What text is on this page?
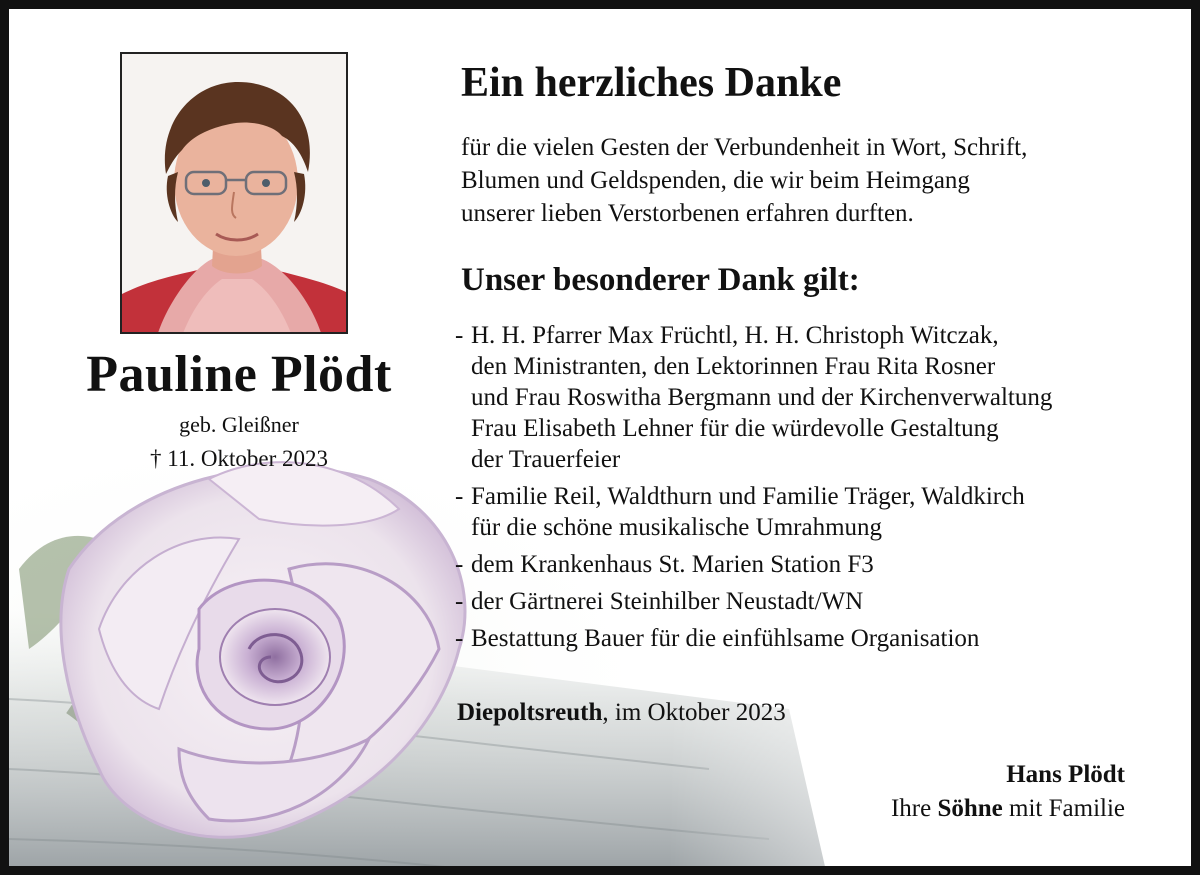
Pauline Plödt
geb. Gleißner
† 11. Oktober 2023
Ein herzliches Danke
für die vielen Gesten der Verbundenheit in Wort, Schrift,
Blumen und Geldspenden, die wir beim Heimgang
unserer lieben Verstorbenen erfahren durften.
Unser besonderer Dank gilt:
- H. H. Pfarrer Max Früchtl, H. H. Christoph Witczak,
den Ministranten, den Lektorinnen Frau Rita Rosner
und Frau Roswitha Bergmann und der Kirchenverwaltung
Frau Elisabeth Lehner für die würdevolle Gestaltung
der Trauerfeier
- Familie Reil, Waldthurn und Familie Träger, Waldkirch
für die schöne musikalische Umrahmung
- dem Krankenhaus St. Marien Station F3
- der Gärtnerei Steinhilber Neustadt/WN
- Bestattung Bauer für die einfühlsame Organisation
Diepoltsreuth, im Oktober 2023
Hans Plödt
Ihre Söhne mit Familie
